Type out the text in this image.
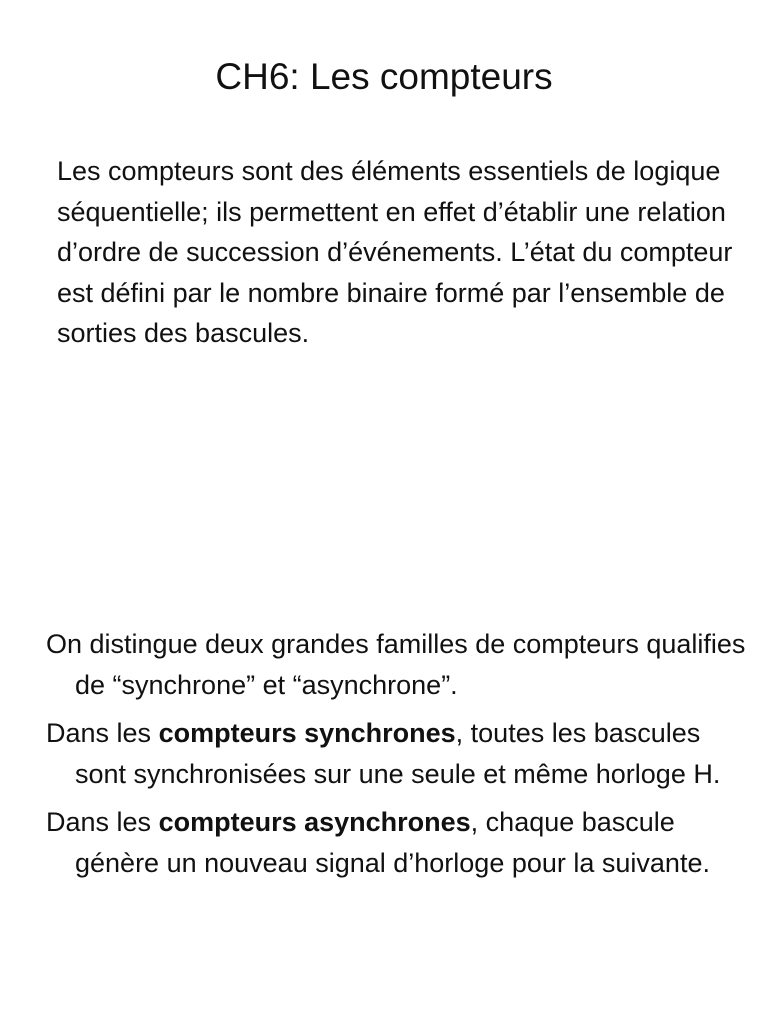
CH6: Les compteurs

Les compteurs sont des éléments essentiels de logique séquentielle; ils permettent en effet d’établir une relation d’ordre de succession d’événements. L’état du compteur est défini par le nombre binaire formé par l’ensemble de sorties des bascules.

On distingue deux grandes familles de compteurs qualifies de “synchrone” et “asynchrone”.
Dans les compteurs synchrones, toutes les bascules sont synchronisées sur une seule et même horloge H.
Dans les compteurs asynchrones, chaque bascule génère un nouveau signal d’horloge pour la suivante.
